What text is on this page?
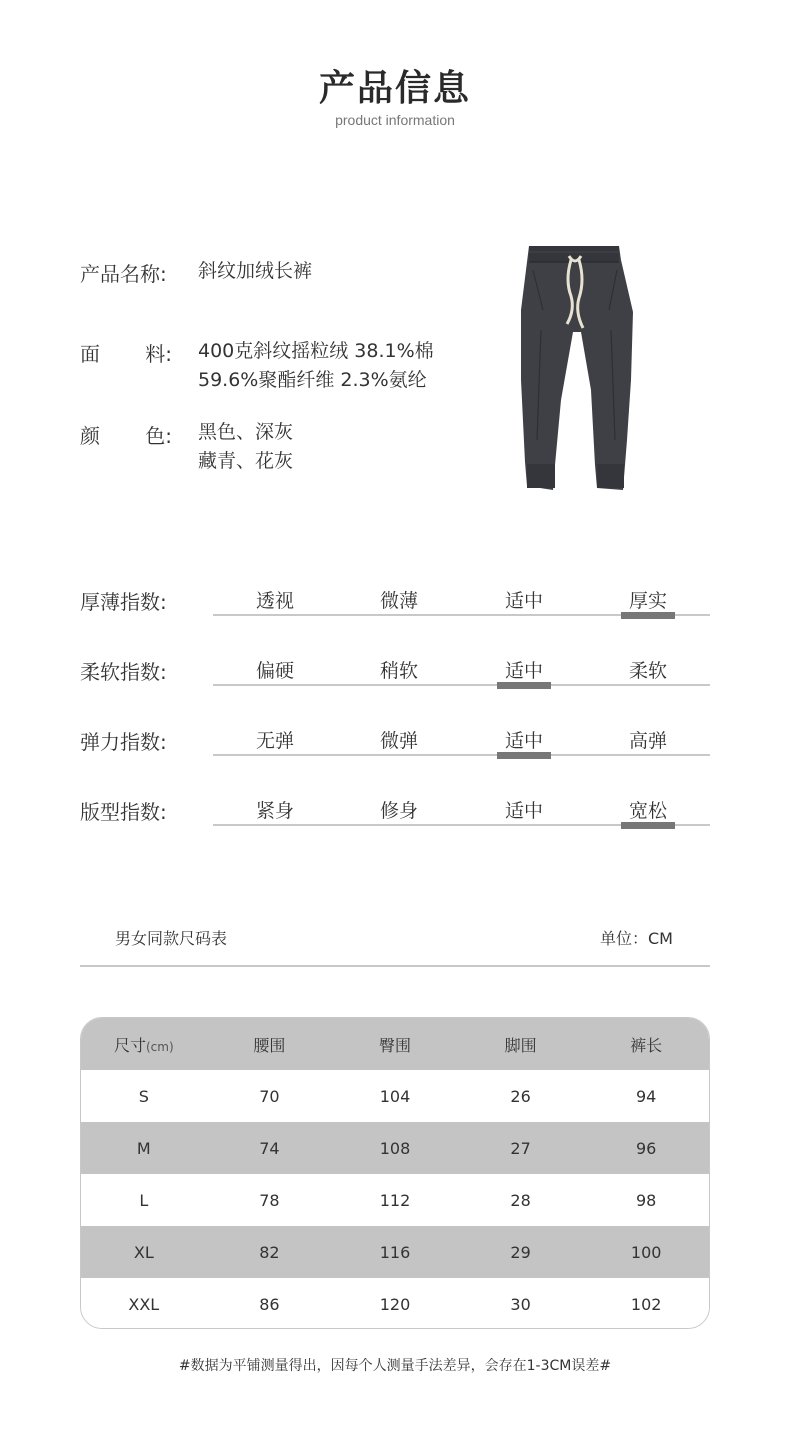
产品信息
product information
产品名称: 斜纹加绒长裤
面 料: 400克斜纹摇粒绒 38.1%棉
59.6%聚酯纤维 2.3%氨纶
颜 色: 黑色、深灰
藏青、花灰
厚薄指数:	透视	微薄	适中	厚实
柔软指数:	偏硬	稍软	适中	柔软
弹力指数:	无弹	微弹	适中	高弹
版型指数:	紧身	修身	适中	宽松
男女同款尺码表	单位：CM
尺寸(cm)	腰围	臀围	脚围	裤长
S	70	104	26	94
M	74	108	27	96
L	78	112	28	98
XL	82	116	29	100
XXL	86	120	30	102
#数据为平铺测量得出，因每个人测量手法差异，会存在1-3CM误差#
